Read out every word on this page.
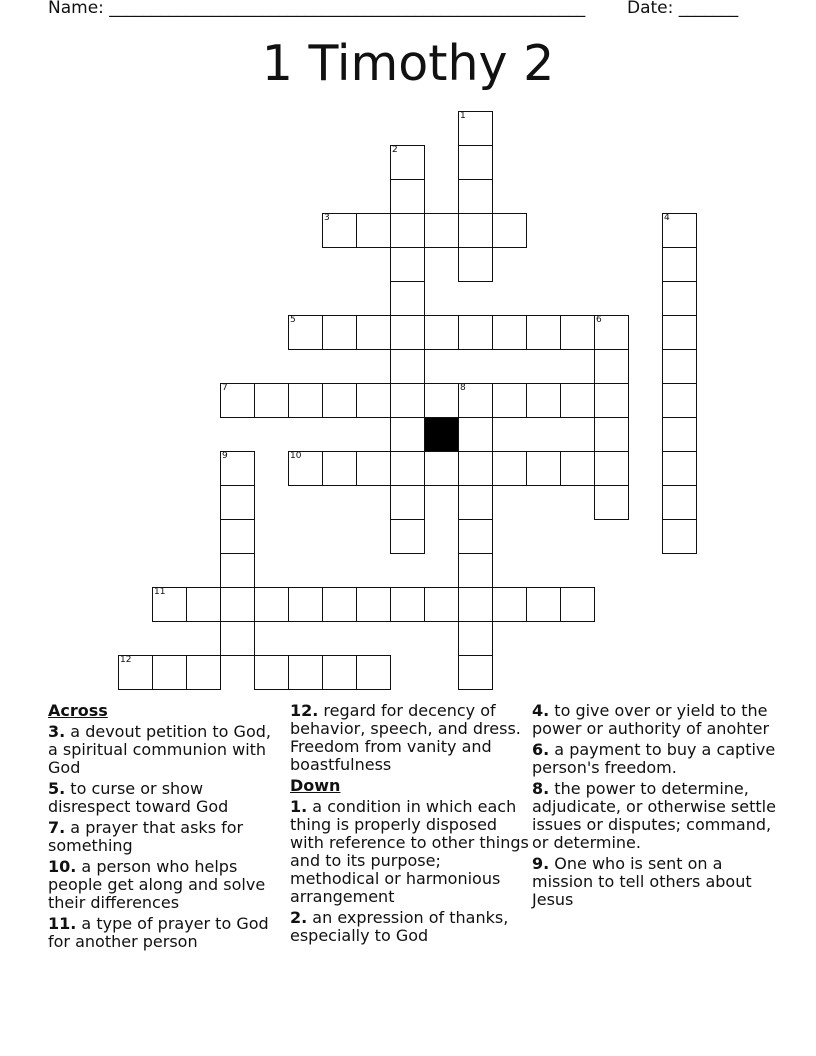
Name: ________________________________________________________ Date: _______
1 Timothy 2
1
2
3	4
5	6
7	8
9	10
11
12
Across
3. a devout petition to God, a spiritual communion with God
5. to curse or show disrespect toward God
7. a prayer that asks for something
10. a person who helps people get along and solve their differences
11. a type of prayer to God for another person
12. regard for decency of behavior, speech, and dress. Freedom from vanity and boastfulness
Down
1. a condition in which each thing is properly disposed with reference to other things and to its purpose; methodical or harmonious arrangement
2. an expression of thanks, especially to God
4. to give over or yield to the power or authority of anohter
6. a payment to buy a captive person's freedom.
8. the power to determine, adjudicate, or otherwise settle issues or disputes; command, or determine.
9. One who is sent on a mission to tell others about Jesus
